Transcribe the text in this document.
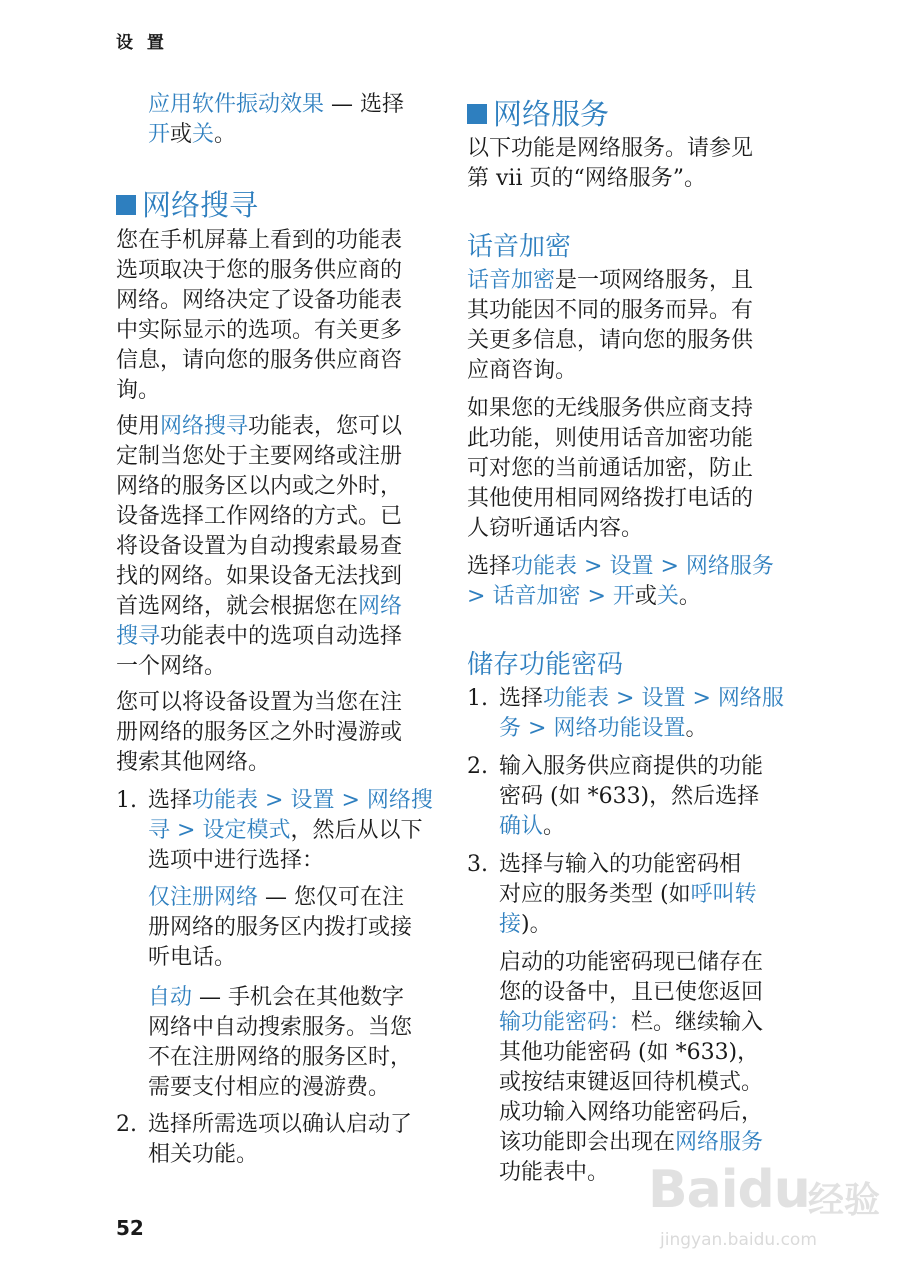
设 置
应用软件振动效果 — 选择
开或关。
网络搜寻
您在手机屏幕上看到的功能表
选项取决于您的服务供应商的
网络。网络决定了设备功能表
中实际显示的选项。有关更多
信息，请向您的服务供应商咨
询。
使用网络搜寻功能表，您可以
定制当您处于主要网络或注册
网络的服务区以内或之外时，
设备选择工作网络的方式。已
将设备设置为自动搜索最易查
找的网络。如果设备无法找到
首选网络，就会根据您在网络
搜寻功能表中的选项自动选择
一个网络。
您可以将设备设置为当您在注
册网络的服务区之外时漫游或
搜索其他网络。
1. 选择功能表 > 设置 > 网络搜
寻 > 设定模式，然后从以下
选项中进行选择：
仅注册网络 — 您仅可在注
册网络的服务区内拨打或接
听电话。
自动 — 手机会在其他数字
网络中自动搜索服务。当您
不在注册网络的服务区时，
需要支付相应的漫游费。
2. 选择所需选项以确认启动了
相关功能。
网络服务
以下功能是网络服务。请参见
第 vii 页的“网络服务”。
话音加密
话音加密是一项网络服务，且
其功能因不同的服务而异。有
关更多信息，请向您的服务供
应商咨询。
如果您的无线服务供应商支持
此功能，则使用话音加密功能
可对您的当前通话加密，防止
其他使用相同网络拨打电话的
人窃听通话内容。
选择功能表 > 设置 > 网络服务
> 话音加密 > 开或关。
储存功能密码
1. 选择功能表 > 设置 > 网络服
务 > 网络功能设置。
2. 输入服务供应商提供的功能
密码 (如 *633)，然后选择
确认。
3. 选择与输入的功能密码相
对应的服务类型 (如呼叫转
接)。
启动的功能密码现已储存在
您的设备中，且已使您返回
输功能密码：栏。继续输入
其他功能密码 (如 *633)，
或按结束键返回待机模式。
成功输入网络功能密码后，
该功能即会出现在网络服务
功能表中。
52
Baidu
经验
jingyan.baidu.com
